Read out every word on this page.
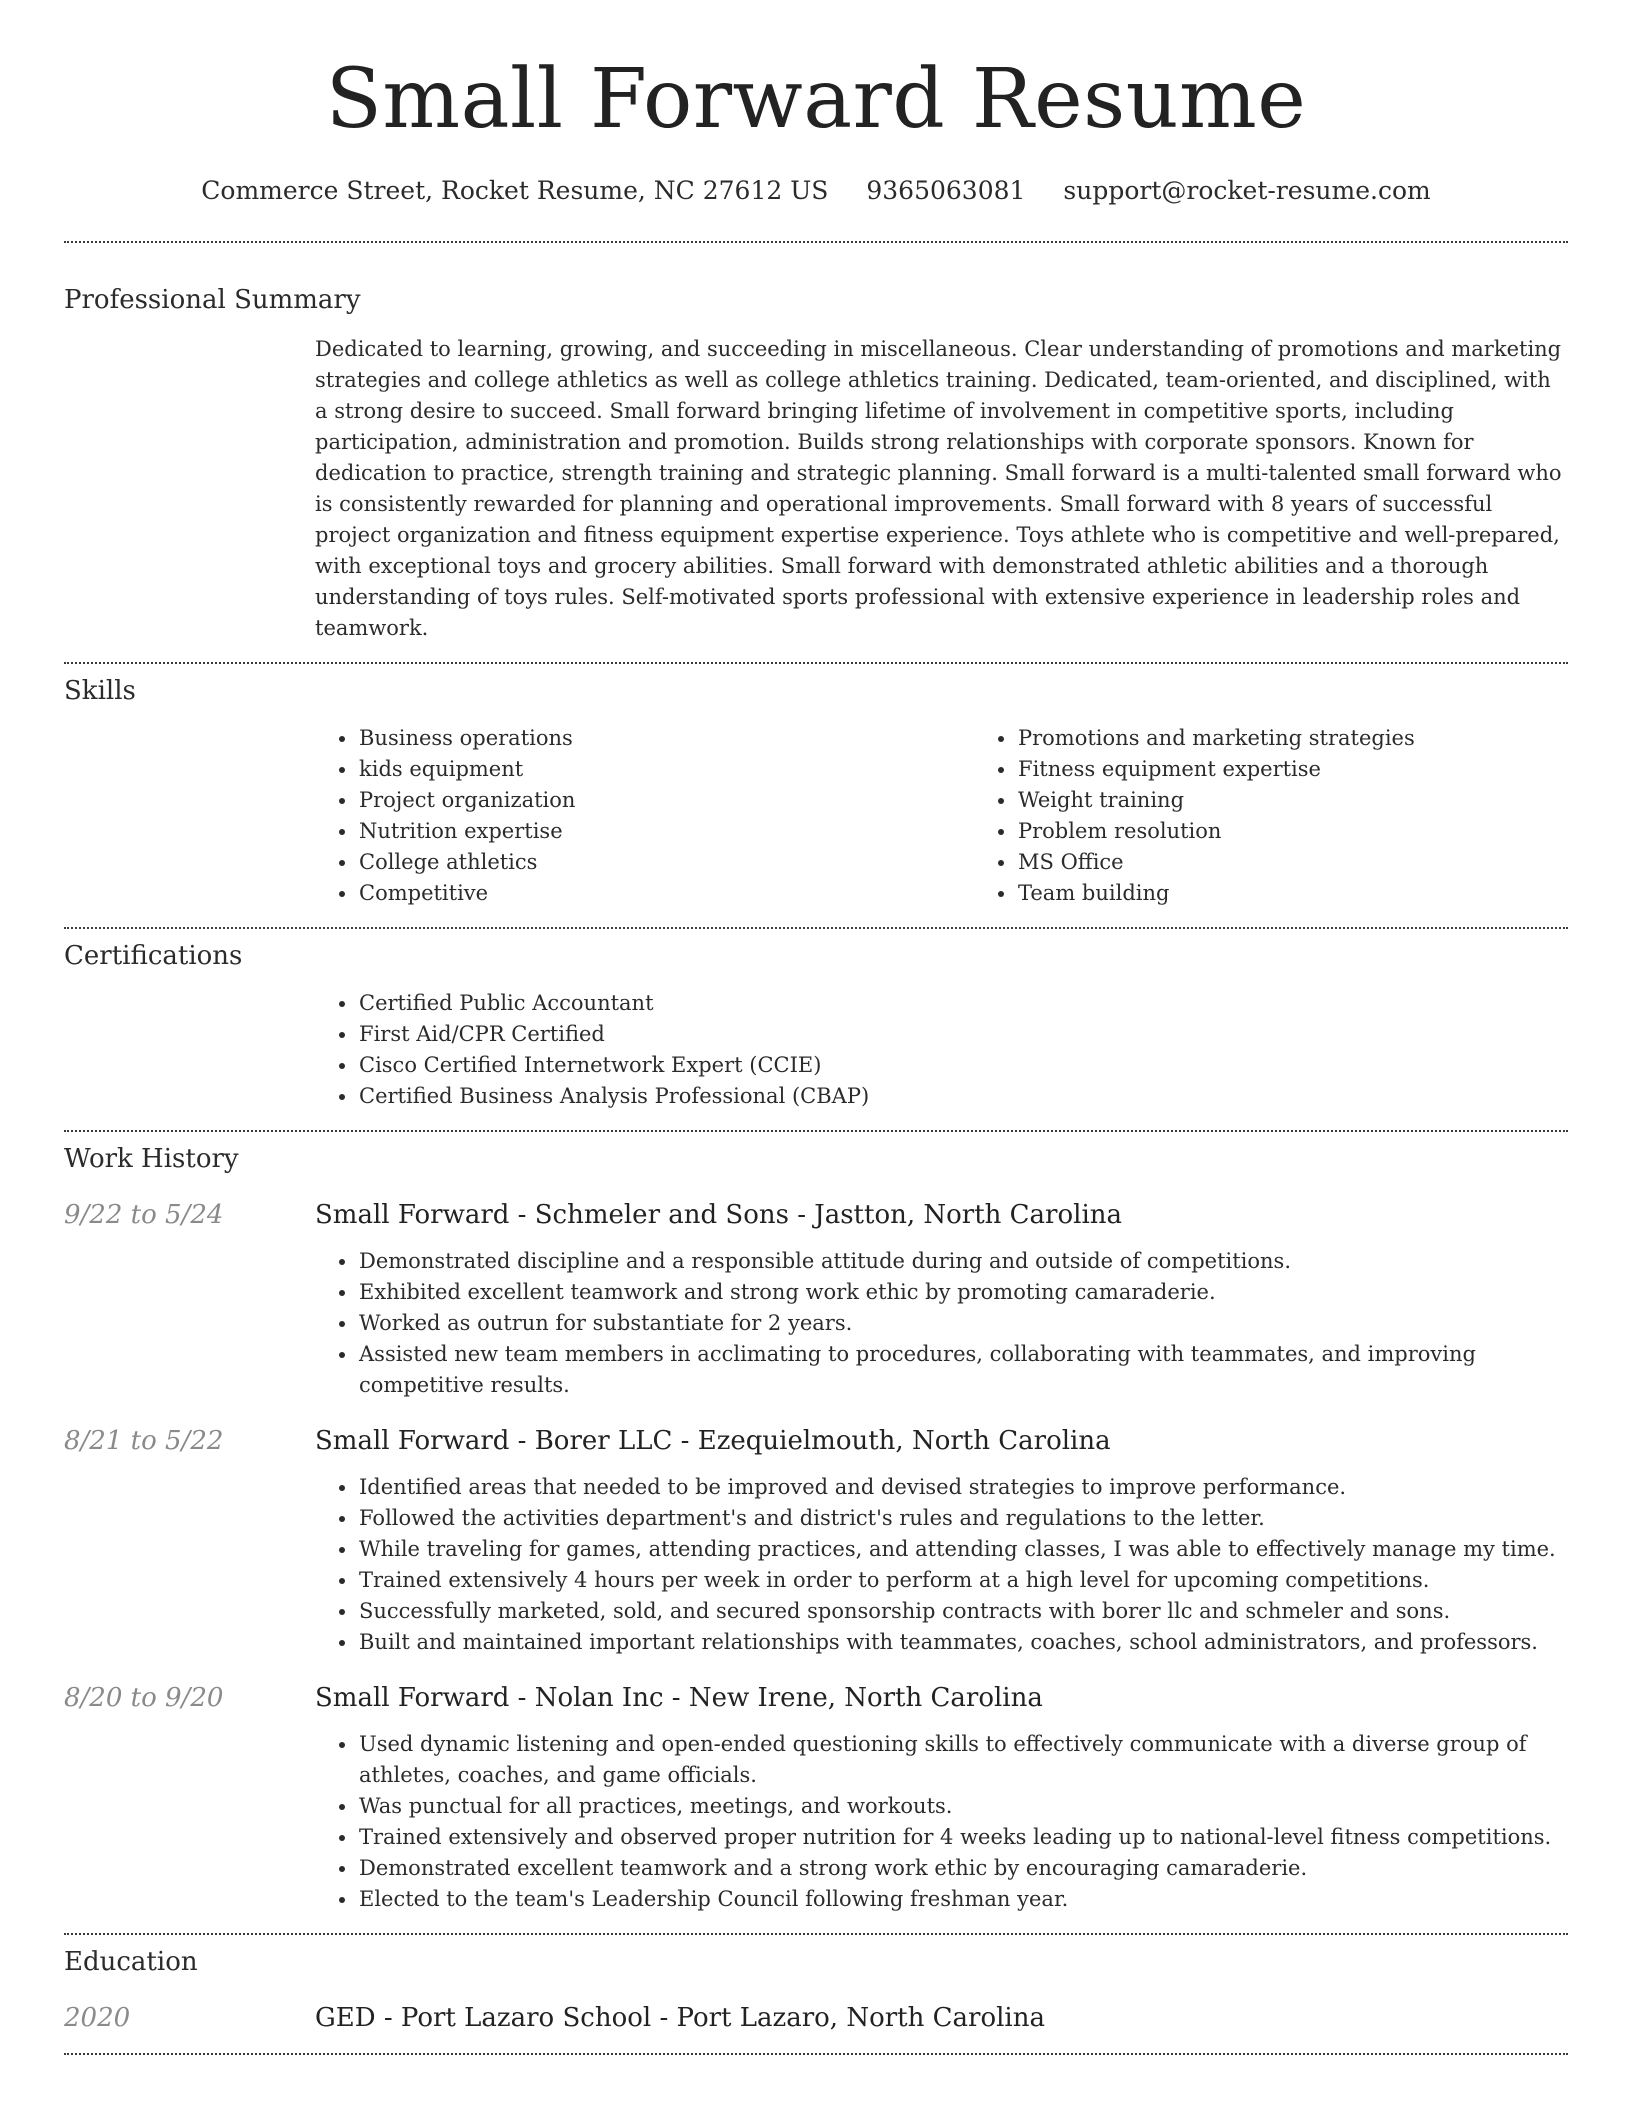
Small Forward Resume
Commerce Street, Rocket Resume, NC 27612 US 9365063081 support@rocket-resume.com
Professional Summary

Dedicated to learning, growing, and succeeding in miscellaneous. Clear understanding of promotions and marketing strategies and college athletics as well as college athletics training. Dedicated, team-oriented, and disciplined, with a strong desire to succeed. Small forward bringing lifetime of involvement in competitive sports, including participation, administration and promotion. Builds strong relationships with corporate sponsors. Known for dedication to practice, strength training and strategic planning. Small forward is a multi-talented small forward who is consistently rewarded for planning and operational improvements. Small forward with 8 years of successful project organization and fitness equipment expertise experience. Toys athlete who is competitive and well-prepared, with exceptional toys and grocery abilities. Small forward with demonstrated athletic abilities and a thorough understanding of toys rules. Self-motivated sports professional with extensive experience in leadership roles and teamwork.

Skills
• Business operations
• kids equipment
• Project organization
• Nutrition expertise
• College athletics
• Competitive
• Promotions and marketing strategies
• Fitness equipment expertise
• Weight training
• Problem resolution
• MS Office
• Team building
Certifications
• Certified Public Accountant
• First Aid/CPR Certified
• Cisco Certified Internetwork Expert (CCIE)
• Certified Business Analysis Professional (CBAP)
Work History
9/22 to 5/24	Small Forward - Schmeler and Sons - Jastton, North Carolina
• Demonstrated discipline and a responsible attitude during and outside of competitions.
• Exhibited excellent teamwork and strong work ethic by promoting camaraderie.
• Worked as outrun for substantiate for 2 years.
• Assisted new team members in acclimating to procedures, collaborating with teammates, and improving competitive results.
8/21 to 5/22	Small Forward - Borer LLC - Ezequielmouth, North Carolina
• Identified areas that needed to be improved and devised strategies to improve performance.
• Followed the activities department's and district's rules and regulations to the letter.
• While traveling for games, attending practices, and attending classes, I was able to effectively manage my time.
• Trained extensively 4 hours per week in order to perform at a high level for upcoming competitions.
• Successfully marketed, sold, and secured sponsorship contracts with borer llc and schmeler and sons.
• Built and maintained important relationships with teammates, coaches, school administrators, and professors.
8/20 to 9/20	Small Forward - Nolan Inc - New Irene, North Carolina
• Used dynamic listening and open-ended questioning skills to effectively communicate with a diverse group of athletes, coaches, and game officials.
• Was punctual for all practices, meetings, and workouts.
• Trained extensively and observed proper nutrition for 4 weeks leading up to national-level fitness competitions.
• Demonstrated excellent teamwork and a strong work ethic by encouraging camaraderie.
• Elected to the team's Leadership Council following freshman year.
Education
2020	GED - Port Lazaro School - Port Lazaro, North Carolina
